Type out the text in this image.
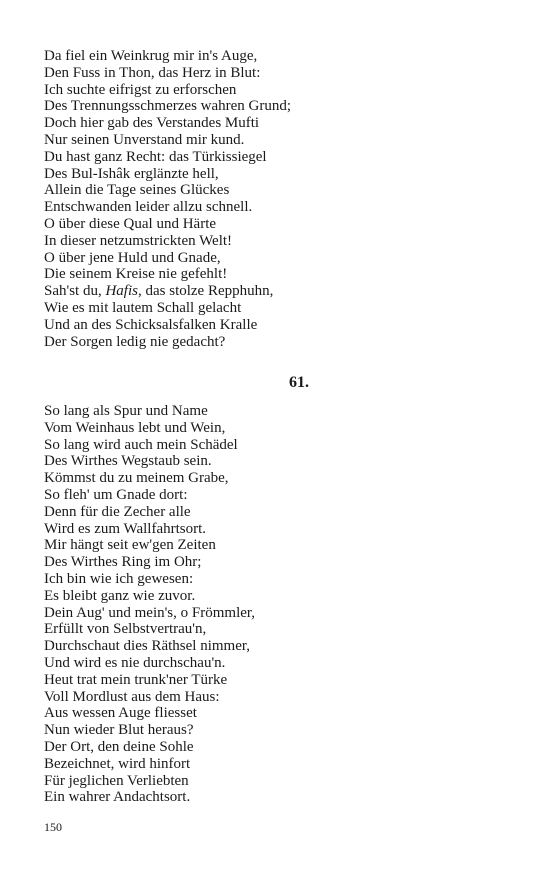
Da fiel ein Weinkrug mir in's Auge,

Den Fuss in Thon, das Herz in Blut:

Ich suchte eifrigst zu erforschen

Des Trennungsschmerzes wahren Grund;

Doch hier gab des Verstandes Mufti

Nur seinen Unverstand mir kund.

Du hast ganz Recht: das Türkissiegel

Des Bul-Ishâk erglänzte hell,

Allein die Tage seines Glückes

Entschwanden leider allzu schnell.

O über diese Qual und Härte

In dieser netzumstrickten Welt!

O über jene Huld und Gnade,

Die seinem Kreise nie gefehlt!

Sah'st du, Hafis, das stolze Repphuhn,

Wie es mit lautem Schall gelacht

Und an des Schicksalsfalken Kralle

Der Sorgen ledig nie gedacht?

61.

So lang als Spur und Name

Vom Weinhaus lebt und Wein,

So lang wird auch mein Schädel

Des Wirthes Wegstaub sein.

Kömmst du zu meinem Grabe,

So fleh' um Gnade dort:

Denn für die Zecher alle

Wird es zum Wallfahrtsort.

Mir hängt seit ew'gen Zeiten

Des Wirthes Ring im Ohr;

Ich bin wie ich gewesen:

Es bleibt ganz wie zuvor.

Dein Aug' und mein's, o Frömmler,

Erfüllt von Selbstvertrau'n,

Durchschaut dies Räthsel nimmer,

Und wird es nie durchschau'n.

Heut trat mein trunk'ner Türke

Voll Mordlust aus dem Haus:

Aus wessen Auge fliesset

Nun wieder Blut heraus?

Der Ort, den deine Sohle

Bezeichnet, wird hinfort

Für jeglichen Verliebten

Ein wahrer Andachtsort.

150
